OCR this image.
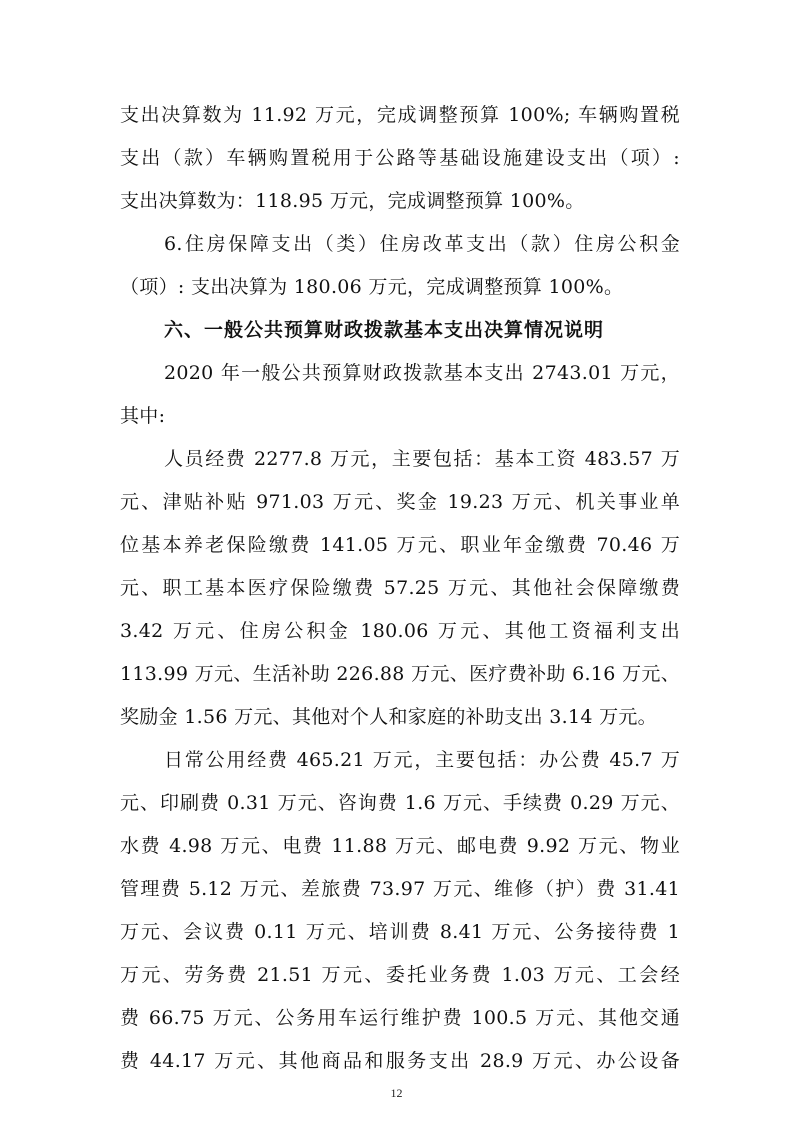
支出决算数为 11.92 万元，完成调整预算 100%; 车辆购置税
支出（款）车辆购置税用于公路等基础设施建设支出（项）:
支出决算数为：118.95 万元，完成调整预算 100%。
6.住房保障支出（类）住房改革支出（款）住房公积金
（项）: 支出决算为 180.06 万元，完成调整预算 100%。
六、一般公共预算财政拨款基本支出决算情况说明
2020 年一般公共预算财政拨款基本支出 2743.01 万元，
其中:
人员经费 2277.8 万元，主要包括：基本工资 483.57 万
元、津贴补贴 971.03 万元、奖金 19.23 万元、机关事业单
位基本养老保险缴费 141.05 万元、职业年金缴费 70.46 万
元、职工基本医疗保险缴费 57.25 万元、其他社会保障缴费
3.42 万元、住房公积金 180.06 万元、其他工资福利支出
113.99 万元、生活补助 226.88 万元、医疗费补助 6.16 万元、
奖励金 1.56 万元、其他对个人和家庭的补助支出 3.14 万元。
日常公用经费 465.21 万元，主要包括：办公费 45.7 万
元、印刷费 0.31 万元、咨询费 1.6 万元、手续费 0.29 万元、
水费 4.98 万元、电费 11.88 万元、邮电费 9.92 万元、物业
管理费 5.12 万元、差旅费 73.97 万元、维修（护）费 31.41
万元、会议费 0.11 万元、培训费 8.41 万元、公务接待费 1
万元、劳务费 21.51 万元、委托业务费 1.03 万元、工会经
费 66.75 万元、公务用车运行维护费 100.5 万元、其他交通
费 44.17 万元、其他商品和服务支出 28.9 万元、办公设备
12
